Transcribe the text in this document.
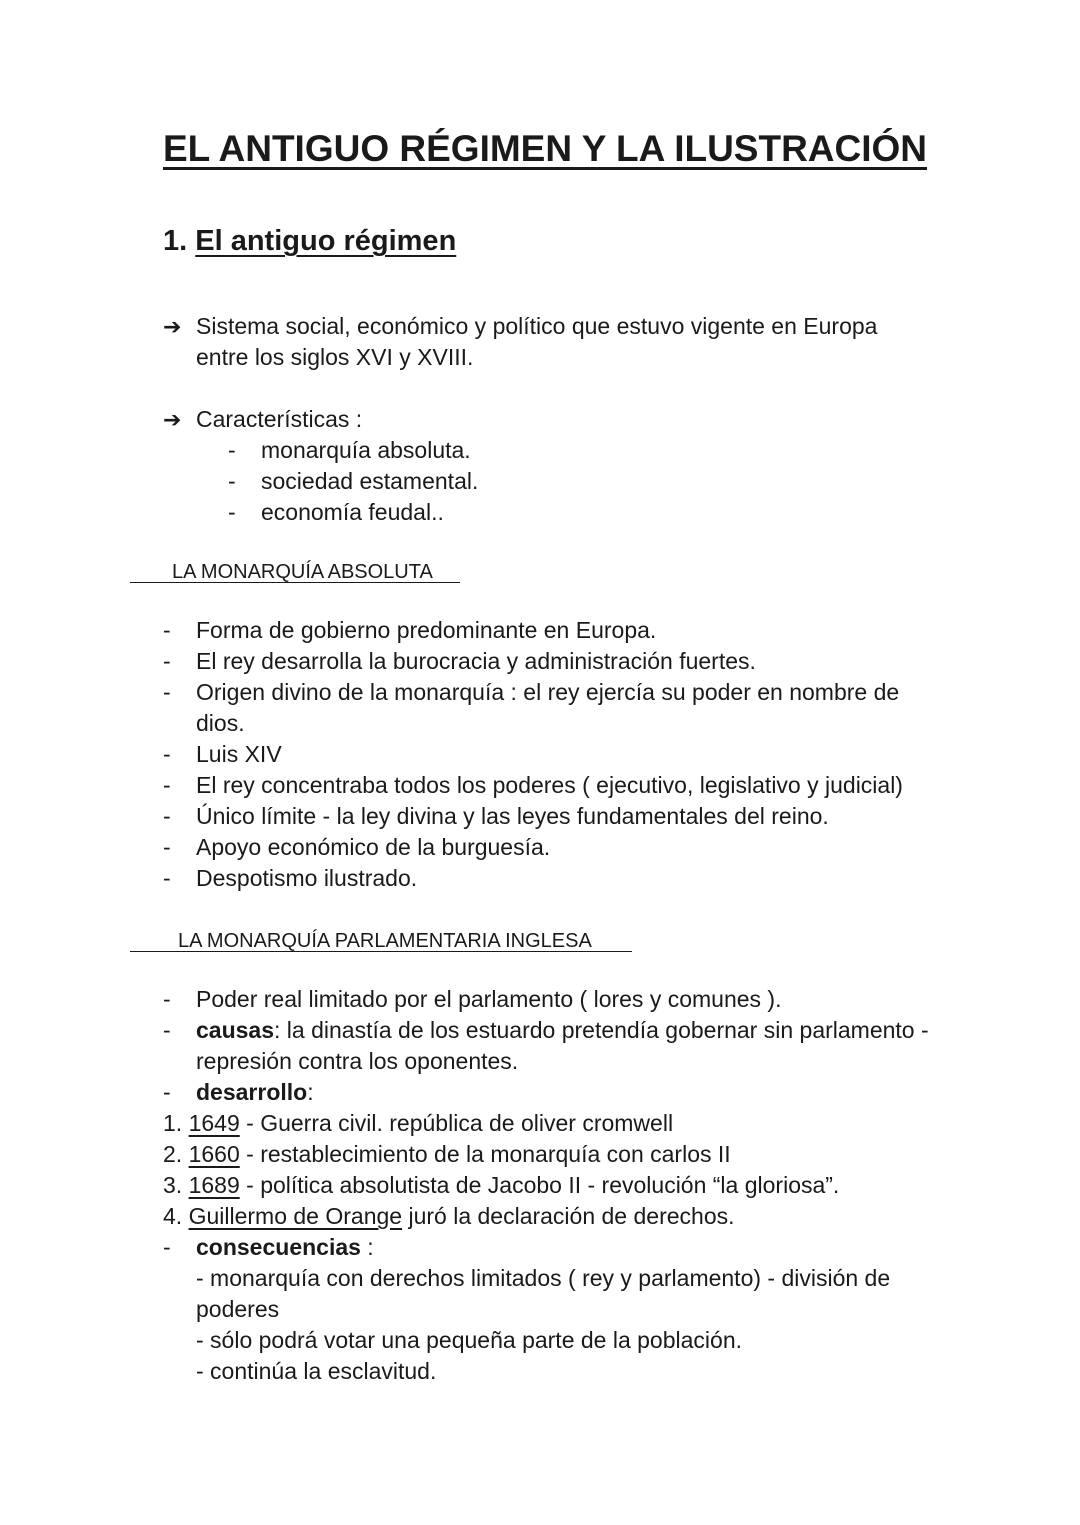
EL ANTIGUO RÉGIMEN Y LA ILUSTRACIÓN
1. El antiguo régimen
➔ Sistema social, económico y político que estuvo vigente en Europa
entre los siglos XVI y XVIII.
➔ Características :
- monarquía absoluta.
- sociedad estamental.
- economía feudal..
LA MONARQUÍA ABSOLUTA
- Forma de gobierno predominante en Europa.
- El rey desarrolla la burocracia y administración fuertes.
- Origen divino de la monarquía : el rey ejercía su poder en nombre de
dios.
- Luis XIV
- El rey concentraba todos los poderes ( ejecutivo, legislativo y judicial)
- Único límite - la ley divina y las leyes fundamentales del reino.
- Apoyo económico de la burguesía.
- Despotismo ilustrado.
LA MONARQUÍA PARLAMENTARIA INGLESA
- Poder real limitado por el parlamento ( lores y comunes ).
- causas: la dinastía de los estuardo pretendía gobernar sin parlamento -
represión contra los oponentes.
- desarrollo:
1. 1649 - Guerra civil. república de oliver cromwell
2. 1660 - restablecimiento de la monarquía con carlos II
3. 1689 - política absolutista de Jacobo II - revolución “la gloriosa”.
4. Guillermo de Orange juró la declaración de derechos.
- consecuencias :
- monarquía con derechos limitados ( rey y parlamento) - división de
poderes
- sólo podrá votar una pequeña parte de la población.
- continúa la esclavitud.
